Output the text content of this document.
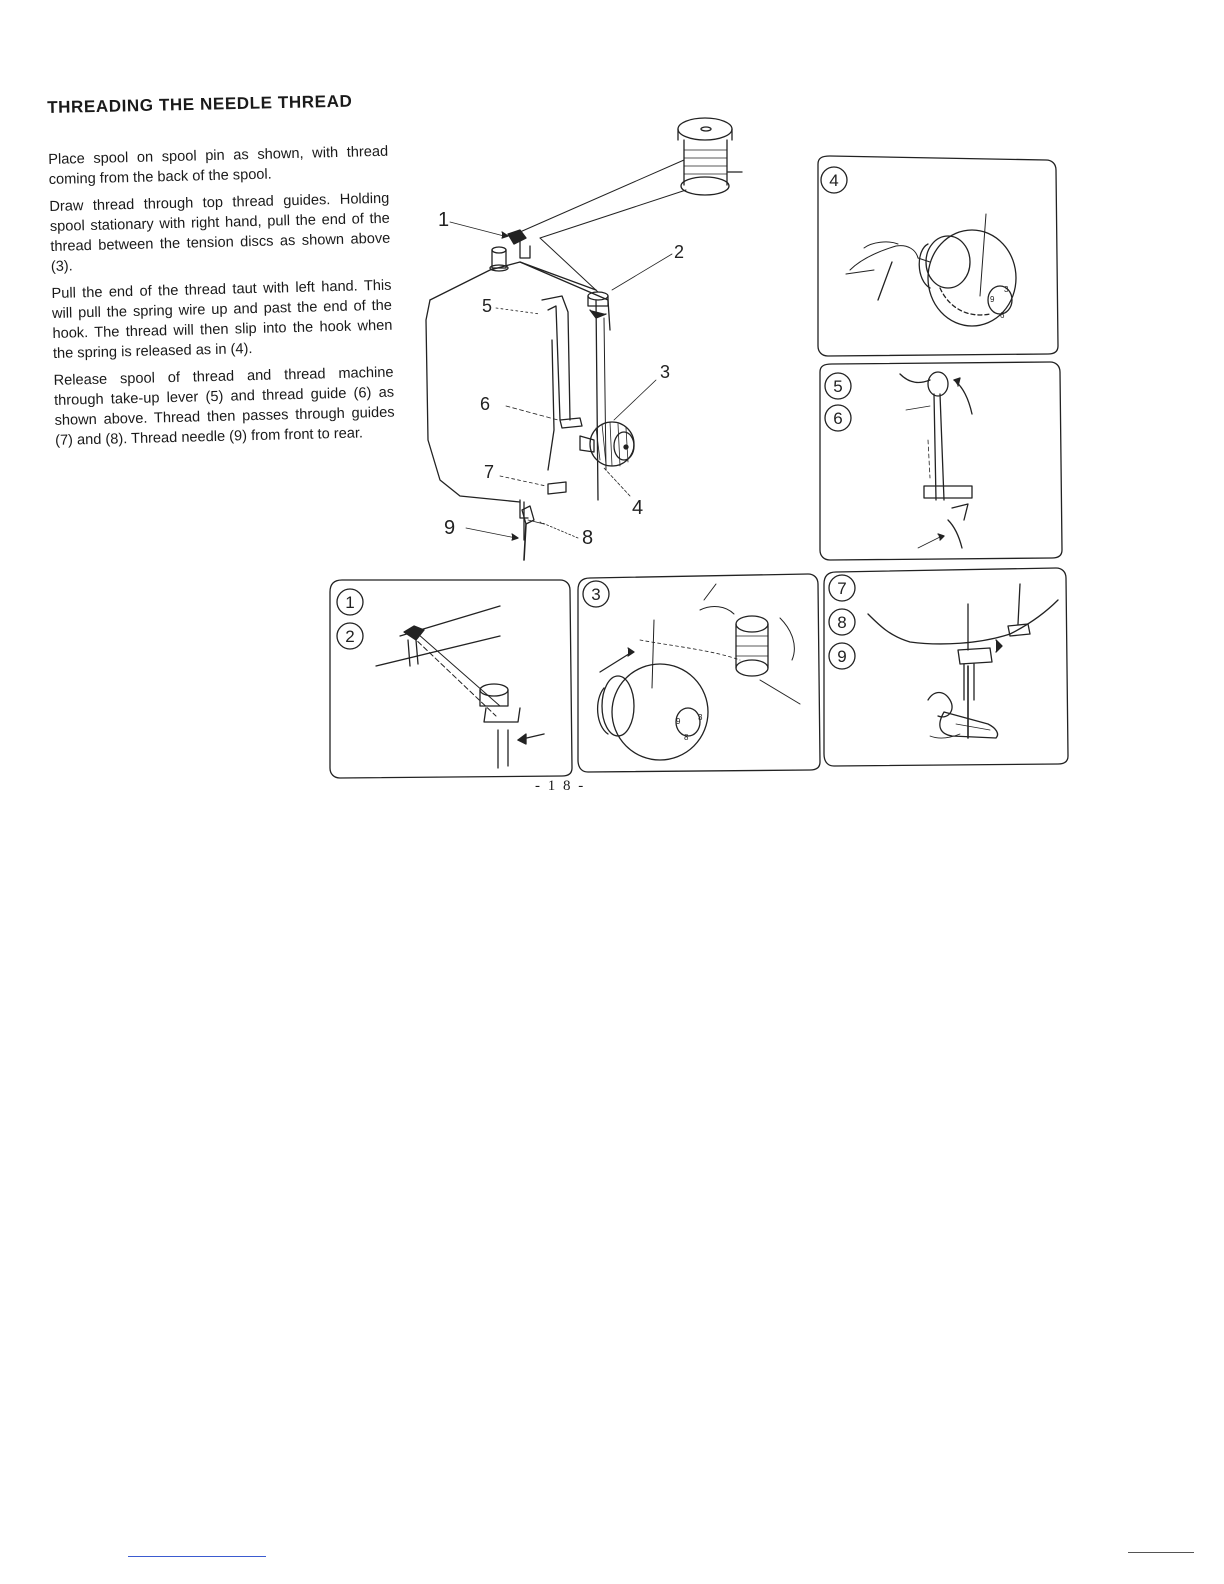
THREADING THE NEEDLE THREAD

Place spool on spool pin as shown, with thread coming from the back of the spool.

Draw thread through top thread guides. Holding spool stationary with right hand, pull the end of the thread between the tension discs as shown above (3).

Pull the end of the thread taut with left hand. This will pull the spring wire up and past the end of the hook. The thread will then slip into the hook when the spring is released as in (4).

Release spool of thread and thread machine through take-up lever (5) and thread guide (6) as shown above. Thread then passes through guides (7) and (8). Thread needle (9) from front to rear.

1
2
3
4
5
6
7
8
9
4
5
6
1
2
3	7
8
9
9
6
3
9 3
8
- 1 8 -
